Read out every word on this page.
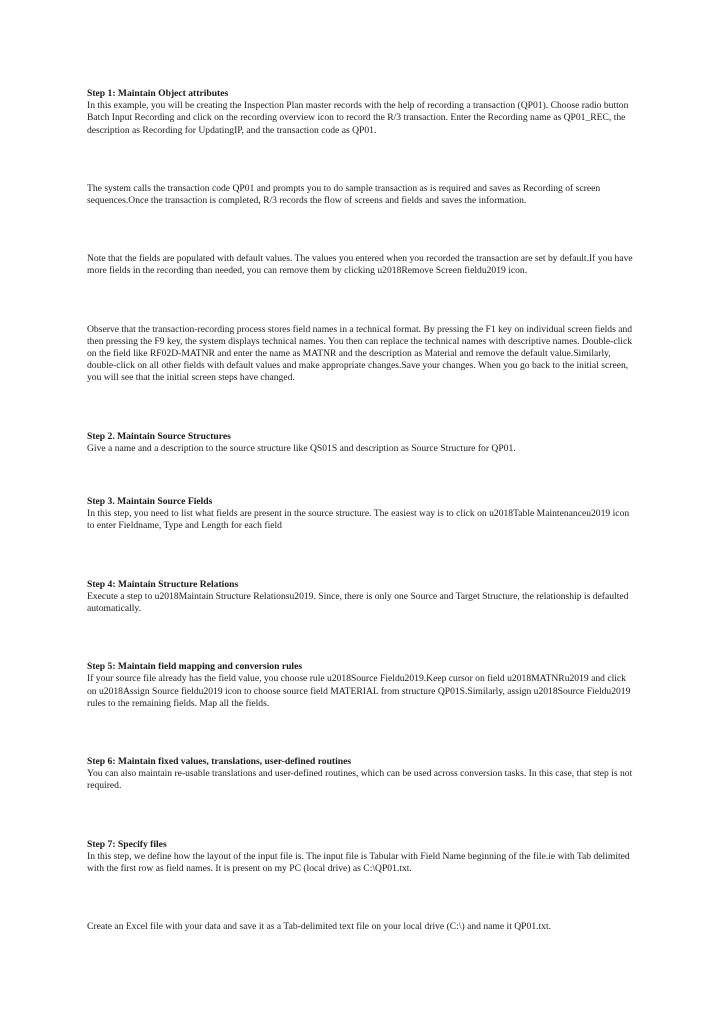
Step 1: Maintain Object attributes
In this example, you will be creating the Inspection Plan master records with the help of recording a transaction (QP01). Choose radio button Batch Input Recording and click on the recording overview icon to record the R/3 transaction. Enter the Recording name as QP01_REC, the description as Recording for UpdatingIP, and the transaction code as QP01.

The system calls the transaction code QP01 and prompts you to do sample transaction as is required and saves as Recording of screen sequences.Once the transaction is completed, R/3 records the flow of screens and fields and saves the information.

Note that the fields are populated with default values. The values you entered when you recorded the transaction are set by default.If you have more fields in the recording than needed, you can remove them by clicking u2018Remove Screen fieldu2019 icon.

Observe that the transaction-recording process stores field names in a technical format. By pressing the F1 key on individual screen fields and then pressing the F9 key, the system displays technical names. You then can replace the technical names with descriptive names. Double-click on the field like RF02D-MATNR and enter the name as MATNR and the description as Material and remove the default value.Similarly, double-click on all other fields with default values and make appropriate changes.Save your changes. When you go back to the initial screen, you will see that the initial screen steps have changed.

Step 2. Maintain Source Structures
Give a name and a description to the source structure like QS01S and description as Source Structure for QP01.

Step 3. Maintain Source Fields
In this step, you need to list what fields are present in the source structure. The easiest way is to click on u2018Table Maintenanceu2019 icon to enter Fieldname, Type and Length for each field

Step 4: Maintain Structure Relations
Execute a step to u2018Maintain Structure Relationsu2019. Since, there is only one Source and Target Structure, the relationship is defaulted automatically.

Step 5: Maintain field mapping and conversion rules
If your source file already has the field value, you choose rule u2018Source Fieldu2019.Keep cursor on field u2018MATNRu2019 and click on u2018Assign Source fieldu2019 icon to choose source field MATERIAL from structure QP01S.Similarly, assign u2018Source Fieldu2019 rules to the remaining fields. Map all the fields.

Step 6: Maintain fixed values, translations, user-defined routines
You can also maintain re-usable translations and user-defined routines, which can be used across conversion tasks. In this case, that step is not required.

Step 7: Specify files
In this step, we define how the layout of the input file is. The input file is Tabular with Field Name beginning of the file.ie with Tab delimited with the first row as field names. It is present on my PC (local drive) as C:\QP01.txt.

Create an Excel file with your data and save it as a Tab-delimited text file on your local drive (C:\) and name it QP01.txt.
